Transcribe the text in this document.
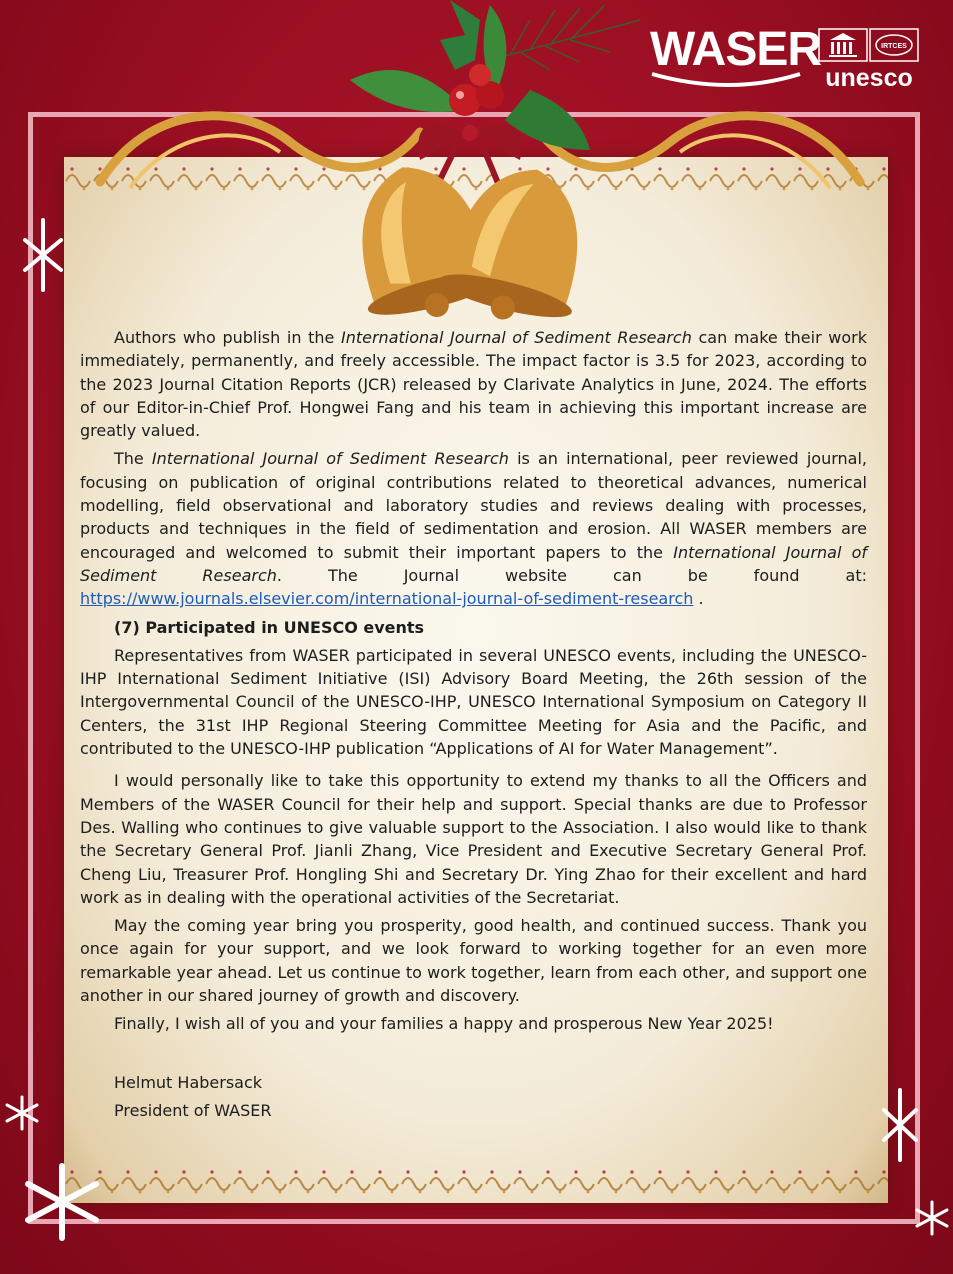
WASER	IRTCES
unesco

Authors who publish in the International Journal of Sediment Research can make their work immediately, permanently, and freely accessible. The impact factor is 3.5 for 2023, according to the 2023 Journal Citation Reports (JCR) released by Clarivate Analytics in June, 2024. The efforts of our Editor-in-Chief Prof. Hongwei Fang and his team in achieving this important increase are greatly valued.

The International Journal of Sediment Research is an international, peer reviewed journal, focusing on publication of original contributions related to theoretical advances, numerical modelling, field observational and laboratory studies and reviews dealing with processes, products and techniques in the field of sedimentation and erosion. All WASER members are encouraged and welcomed to submit their important papers to the International Journal of Sediment Research. The Journal website can be found at: https://www.journals.elsevier.com/international-journal-of-sediment-research .

(7) Participated in UNESCO events

Representatives from WASER participated in several UNESCO events, including the UNESCO-IHP International Sediment Initiative (ISI) Advisory Board Meeting, the 26th session of the Intergovernmental Council of the UNESCO-IHP, UNESCO International Symposium on Category II Centers, the 31st IHP Regional Steering Committee Meeting for Asia and the Pacific, and contributed to the UNESCO-IHP publication “Applications of AI for Water Management”.

I would personally like to take this opportunity to extend my thanks to all the Officers and Members of the WASER Council for their help and support. Special thanks are due to Professor Des. Walling who continues to give valuable support to the Association. I also would like to thank the Secretary General Prof. Jianli Zhang, Vice President and Executive Secretary General Prof. Cheng Liu, Treasurer Prof. Hongling Shi and Secretary Dr. Ying Zhao for their excellent and hard work as in dealing with the operational activities of the Secretariat.

May the coming year bring you prosperity, good health, and continued success. Thank you once again for your support, and we look forward to working together for an even more remarkable year ahead. Let us continue to work together, learn from each other, and support one another in our shared journey of growth and discovery.

Finally, I wish all of you and your families a happy and prosperous New Year 2025!

Helmut Habersack
President of WASER
